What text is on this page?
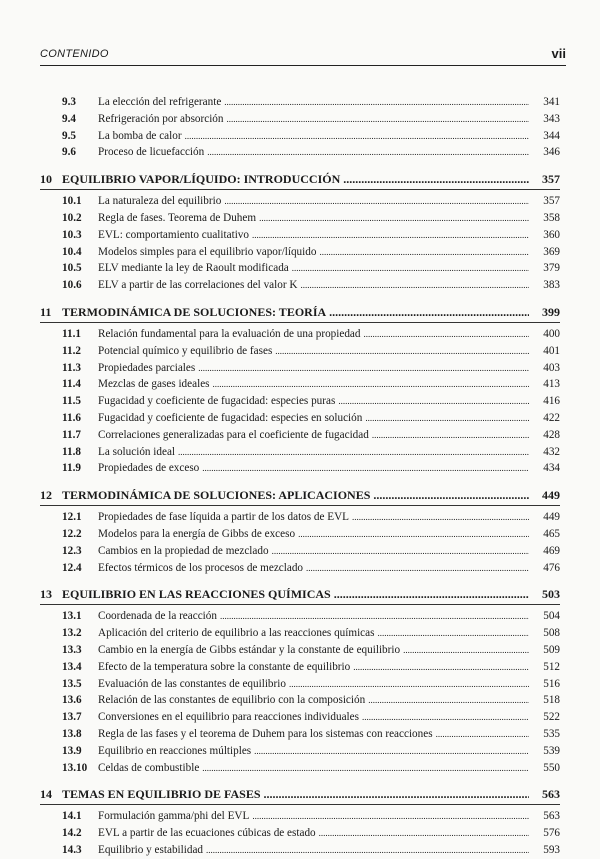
CONTENIDO	vii
9.3	La elección del refrigerante .....	341
9.4	Refrigeración por absorción .....	343
9.5	La bomba de calor .....	344
9.6	Proceso de licuefacción .....	346
10 EQUILIBRIO VAPOR/LÍQUIDO: INTRODUCCIÓN .....	357
10.1	La naturaleza del equilibrio .....	357
10.2	Regla de fases. Teorema de Duhem .....	358
10.3	EVL: comportamiento cualitativo .....	360
10.4	Modelos simples para el equilibrio vapor/líquido .....	369
10.5	ELV mediante la ley de Raoult modificada .....	379
10.6	ELV a partir de las correlaciones del valor K .....	383
11 TERMODINÁMICA DE SOLUCIONES: TEORÍA .....	399
11.1	Relación fundamental para la evaluación de una propiedad .....	400
11.2	Potencial químico y equilibrio de fases .....	401
11.3	Propiedades parciales .....	403
11.4	Mezclas de gases ideales .....	413
11.5	Fugacidad y coeficiente de fugacidad: especies puras .....	416
11.6	Fugacidad y coeficiente de fugacidad: especies en solución .....	422
11.7	Correlaciones generalizadas para el coeficiente de fugacidad .....	428
11.8	La solución ideal .....	432
11.9	Propiedades de exceso .....	434
12 TERMODINÁMICA DE SOLUCIONES: APLICACIONES .....	449
12.1	Propiedades de fase líquida a partir de los datos de EVL .....	449
12.2	Modelos para la energía de Gibbs de exceso .....	465
12.3	Cambios en la propiedad de mezclado .....	469
12.4	Efectos térmicos de los procesos de mezclado .....	476
13 EQUILIBRIO EN LAS REACCIONES QUÍMICAS .....	503
13.1	Coordenada de la reacción .....	504
13.2	Aplicación del criterio de equilibrio a las reacciones químicas .....	508
13.3	Cambio en la energía de Gibbs estándar y la constante de equilibrio .....	509
13.4	Efecto de la temperatura sobre la constante de equilibrio .....	512
13.5	Evaluación de las constantes de equilibrio .....	516
13.6	Relación de las constantes de equilibrio con la composición .....	518
13.7	Conversiones en el equilibrio para reacciones individuales .....	522
13.8	Regla de las fases y el teorema de Duhem para los sistemas con reacciones .....	535
13.9	Equilibrio en reacciones múltiples .....	539
13.10 Celdas de combustible .....	550
14 TEMAS EN EQUILIBRIO DE FASES .....	563
14.1	Formulación gamma/phi del EVL .....	563
14.2	EVL a partir de las ecuaciones cúbicas de estado .....	576
14.3	Equilibrio y estabilidad .....	593
